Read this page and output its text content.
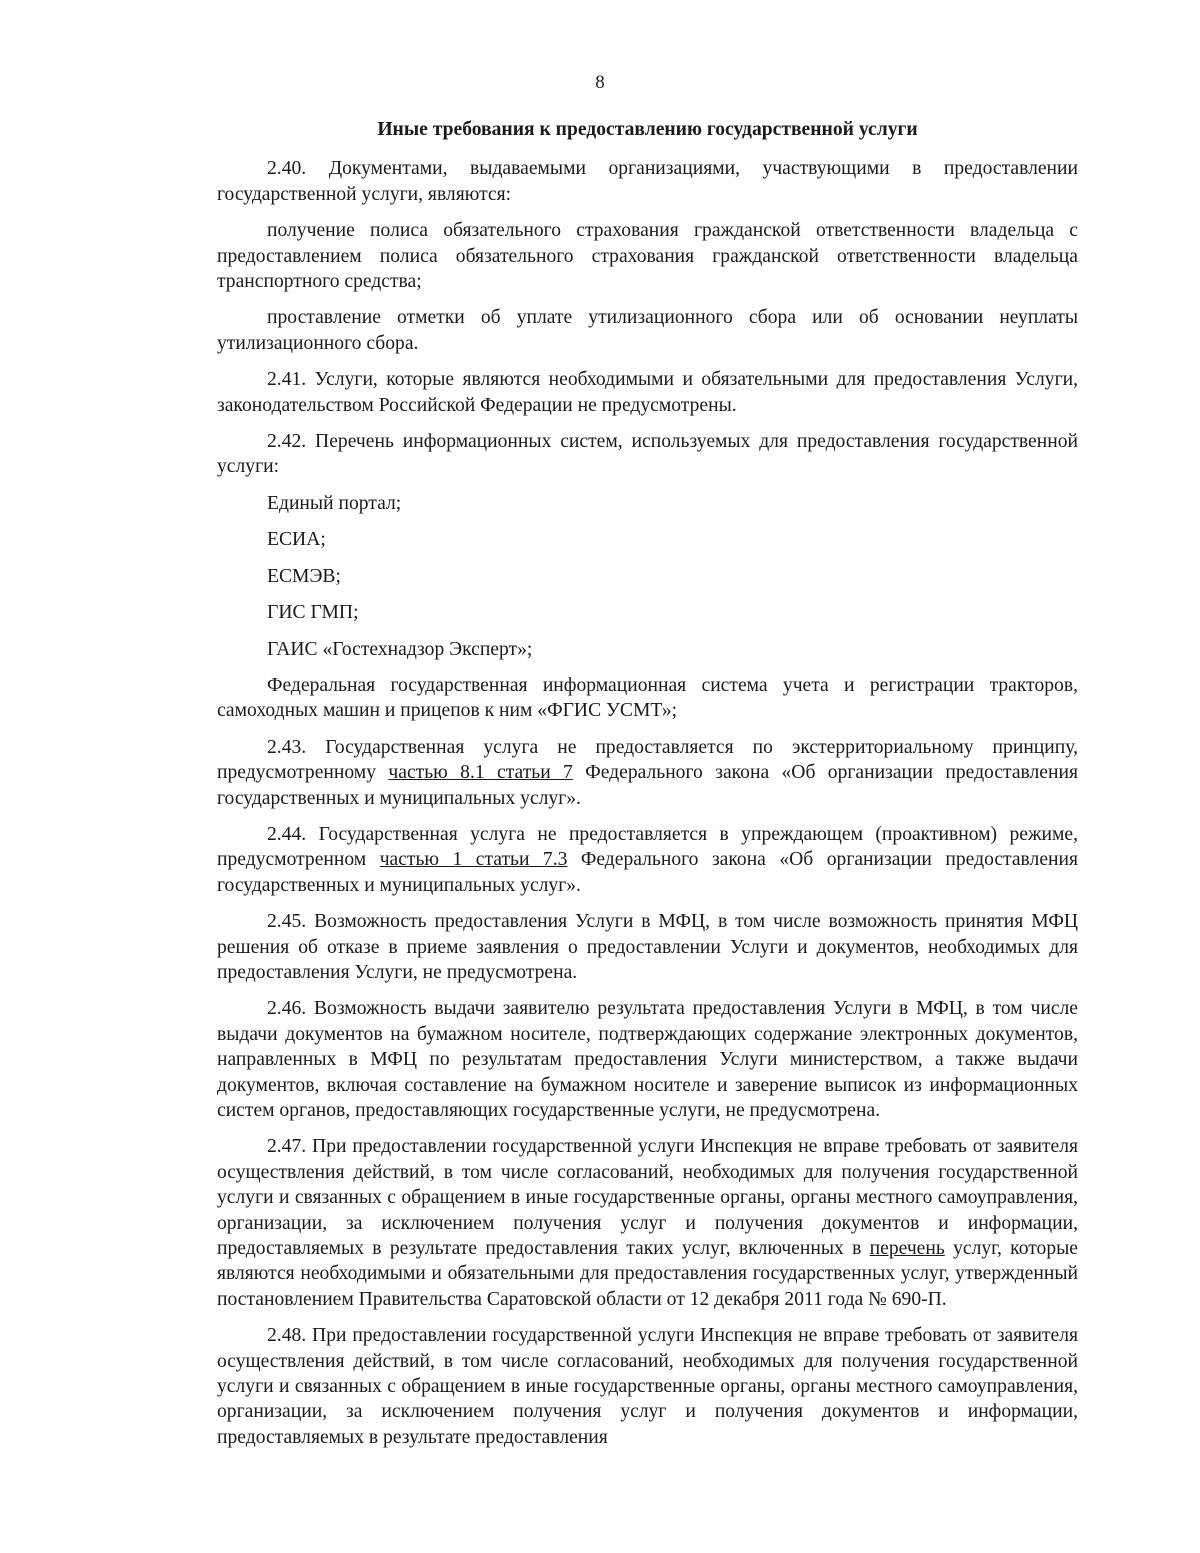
8
Иные требования к предоставлению государственной услуги

2.40. Документами, выдаваемыми организациями, участвующими в предоставлении государственной услуги, являются:

получение полиса обязательного страхования гражданской ответственности владельца с предоставлением полиса обязательного страхования гражданской ответственности владельца транспортного средства;

проставление отметки об уплате утилизационного сбора или об основании неуплаты утилизационного сбора.

2.41. Услуги, которые являются необходимыми и обязательными для предоставления Услуги, законодательством Российской Федерации не предусмотрены.

2.42. Перечень информационных систем, используемых для предоставления государственной услуги:

Единый портал;

ЕСИА;

ЕСМЭВ;

ГИС ГМП;

ГАИС «Гостехнадзор Эксперт»;

Федеральная государственная информационная система учета и регистрации тракторов, самоходных машин и прицепов к ним «ФГИС УСМТ»;

2.43. Государственная услуга не предоставляется по экстерриториальному принципу, предусмотренному частью 8.1 статьи 7 Федерального закона «Об организации предоставления государственных и муниципальных услуг».

2.44. Государственная услуга не предоставляется в упреждающем (проактивном) режиме, предусмотренном частью 1 статьи 7.3 Федерального закона «Об организации предоставления государственных и муниципальных услуг».

2.45. Возможность предоставления Услуги в МФЦ, в том числе возможность принятия МФЦ решения об отказе в приеме заявления о предоставлении Услуги и документов, необходимых для предоставления Услуги, не предусмотрена.

2.46. Возможность выдачи заявителю результата предоставления Услуги в МФЦ, в том числе выдачи документов на бумажном носителе, подтверждающих содержание электронных документов, направленных в МФЦ по результатам предоставления Услуги министерством, а также выдачи документов, включая составление на бумажном носителе и заверение выписок из информационных систем органов, предоставляющих государственные услуги, не предусмотрена.

2.47. При предоставлении государственной услуги Инспекция не вправе требовать от заявителя осуществления действий, в том числе согласований, необходимых для получения государственной услуги и связанных с обращением в иные государственные органы, органы местного самоуправления, организации, за исключением получения услуг и получения документов и информации, предоставляемых в результате предоставления таких услуг, включенных в перечень услуг, которые являются необходимыми и обязательными для предоставления государственных услуг, утвержденный постановлением Правительства Саратовской области от 12 декабря 2011 года № 690-П.

2.48. При предоставлении государственной услуги Инспекция не вправе требовать от заявителя осуществления действий, в том числе согласований, необходимых для получения государственной услуги и связанных с обращением в иные государственные органы, органы местного самоуправления, организации, за исключением получения услуг и получения документов и информации, предоставляемых в результате предоставления
